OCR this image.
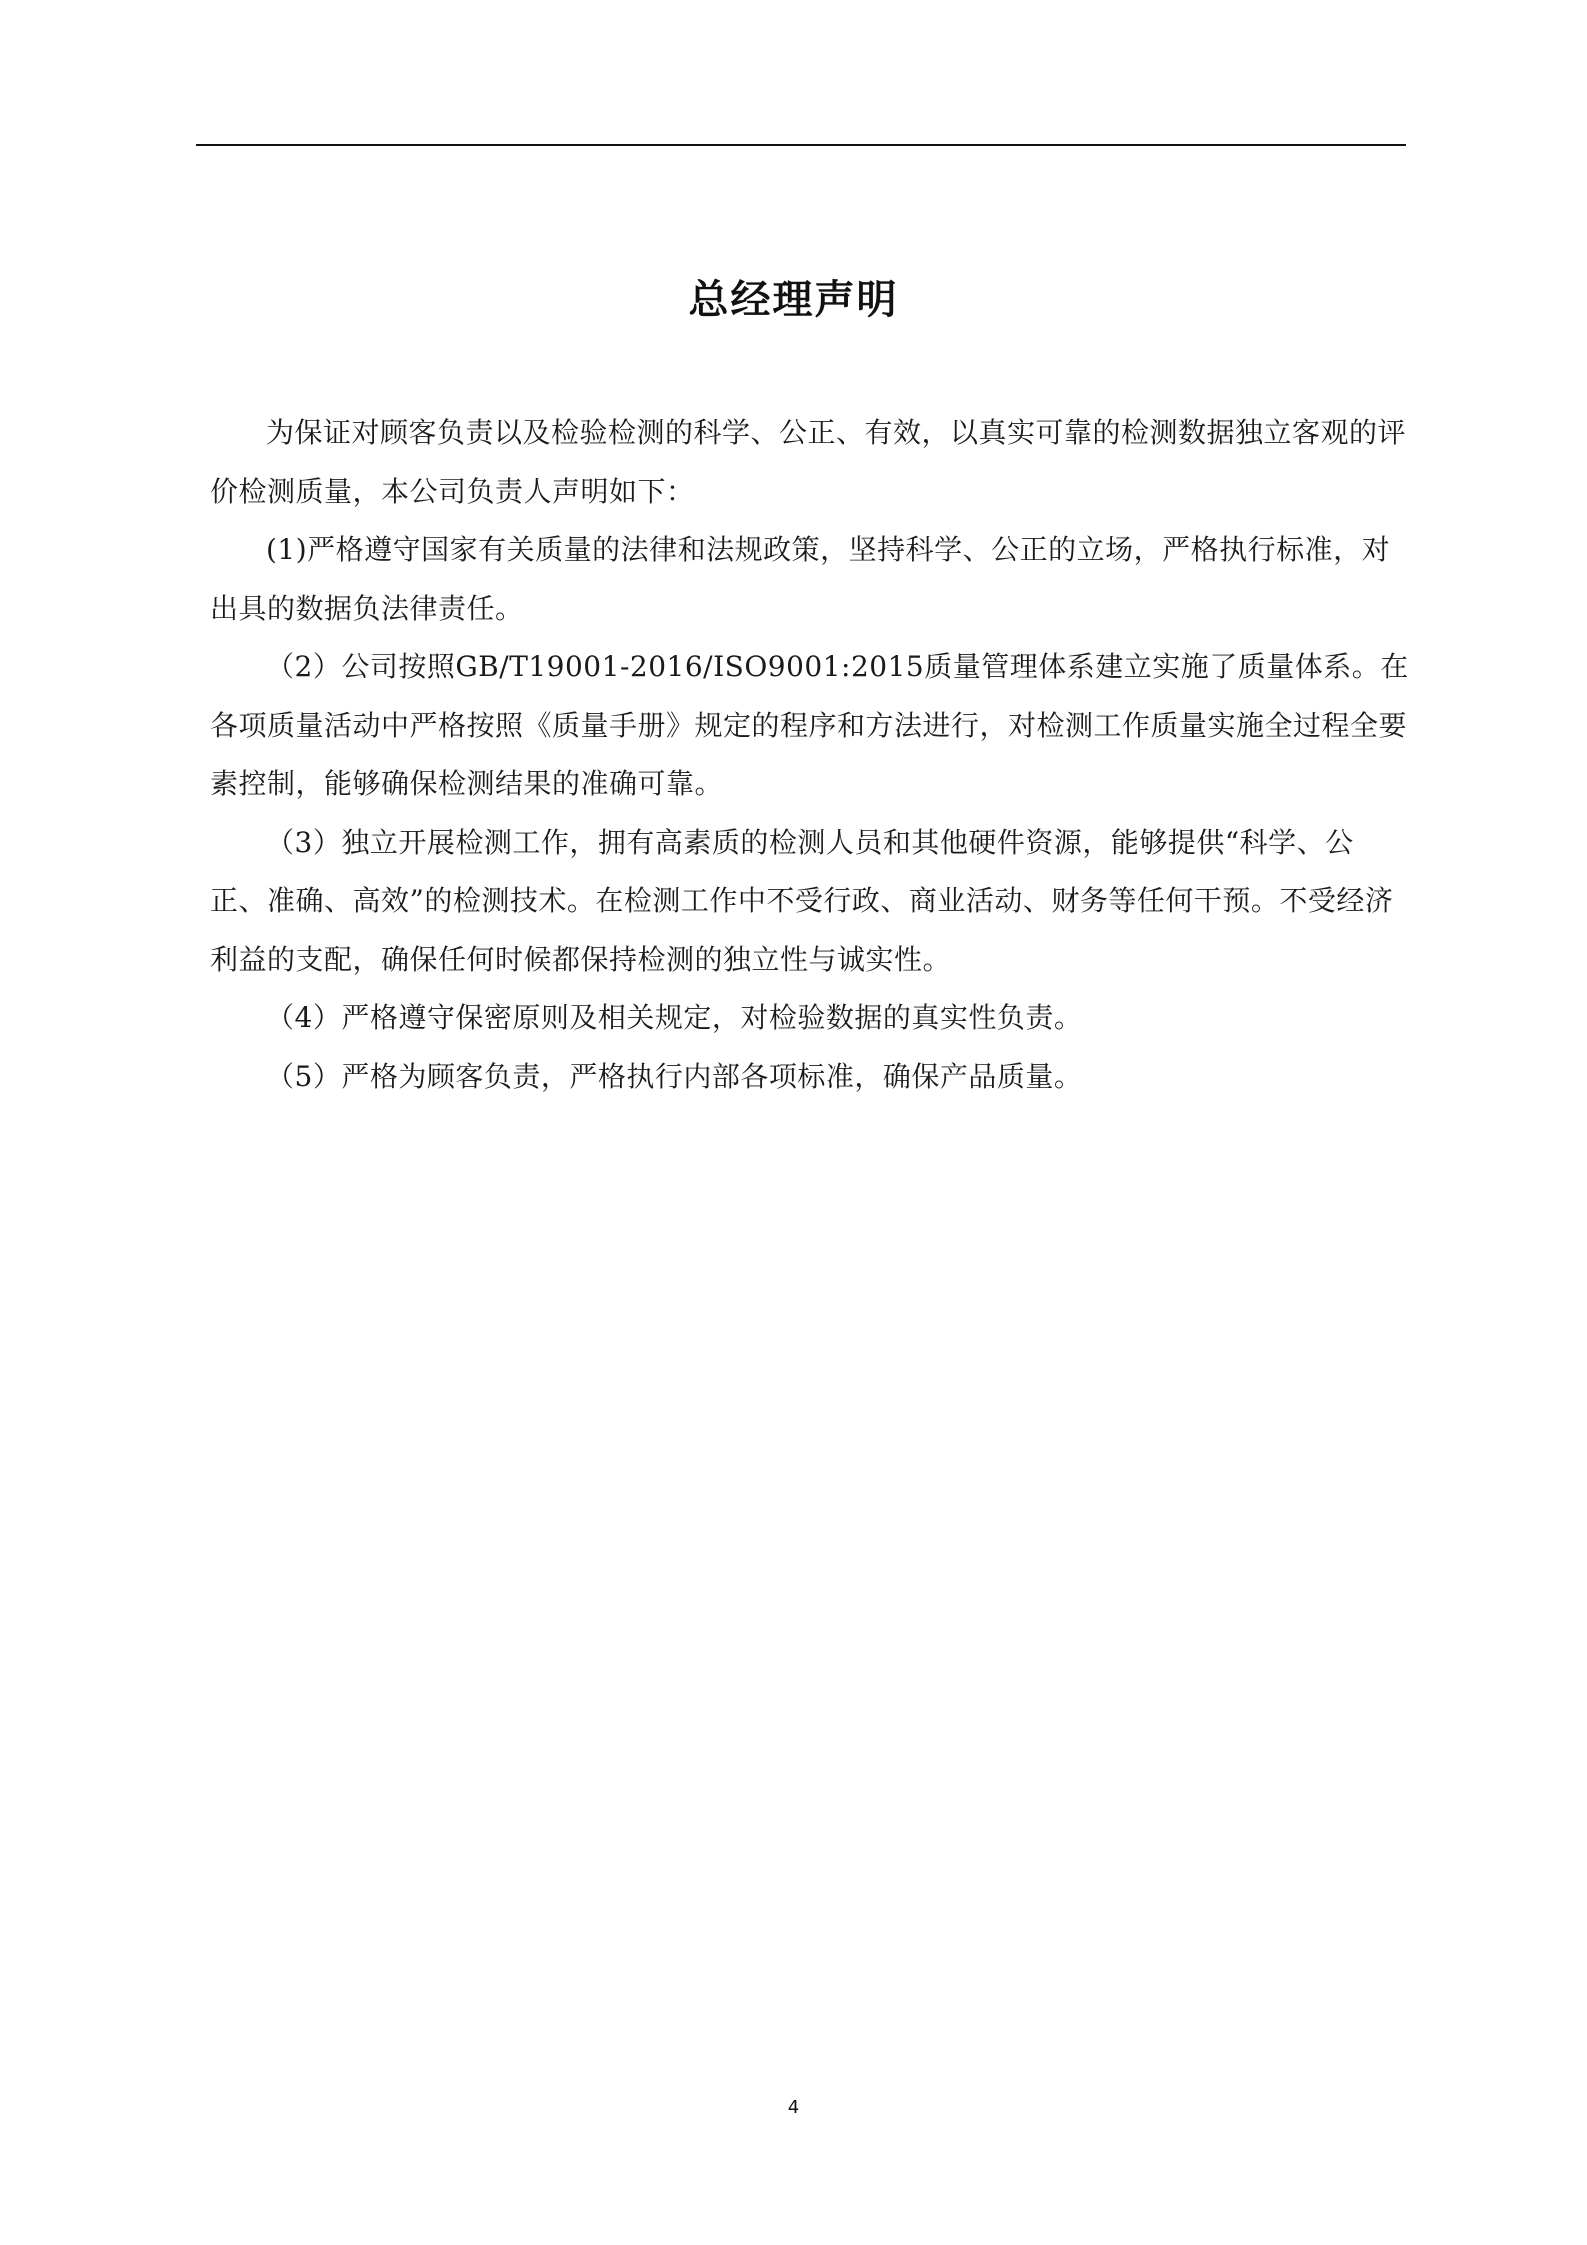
总经理声明

为保证对顾客负责以及检验检测的科学、公正、有效，以真实可靠的检测数据独立客观的评价检测质量，本公司负责人声明如下：

(1)严格遵守国家有关质量的法律和法规政策，坚持科学、公正的立场，严格执行标准，对出具的数据负法律责任。

（2）公司按照GB/T19001-2016/ISO9001:2015质量管理体系建立实施了质量体系。在各项质量活动中严格按照《质量手册》规定的程序和方法进行，对检测工作质量实施全过程全要素控制，能够确保检测结果的准确可靠。

（3）独立开展检测工作，拥有高素质的检测人员和其他硬件资源，能够提供“科学、公正、准确、高效”的检测技术。在检测工作中不受行政、商业活动、财务等任何干预。不受经济利益的支配，确保任何时候都保持检测的独立性与诚实性。

（4）严格遵守保密原则及相关规定，对检验数据的真实性负责。

（5）严格为顾客负责，严格执行内部各项标准，确保产品质量。

4
